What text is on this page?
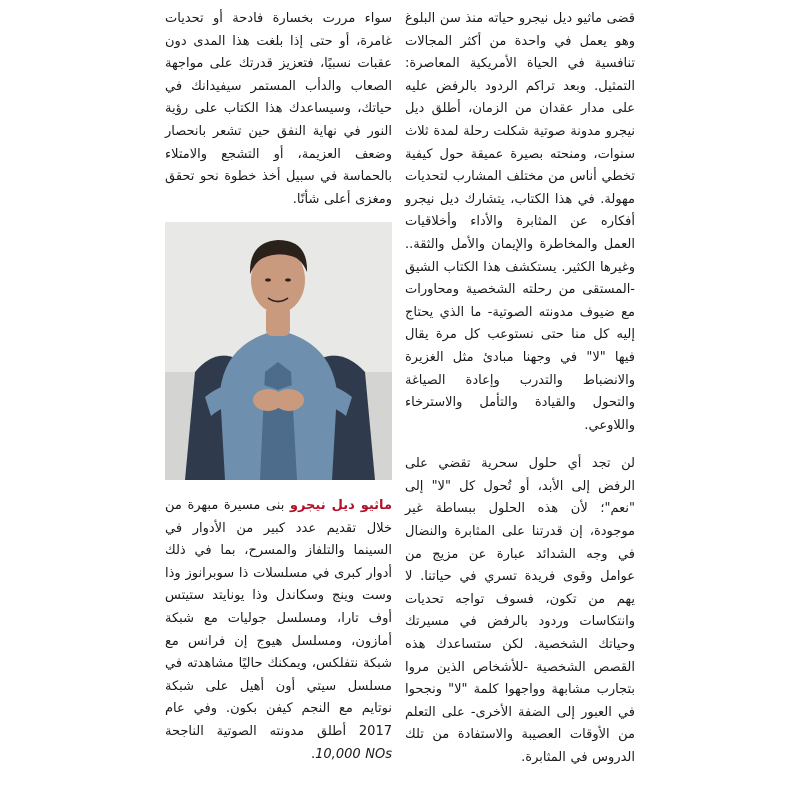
قضى ماثيو ديل نيجرو حياته منذ سن البلوغ وهو يعمل في واحدة من أكثر المجالات تنافسية في الحياة الأمريكية المعاصرة: التمثيل. وبعد تراكم الردود بالرفض عليه على مدار عقدان من الزمان، أطلق ديل نيجرو مدونة صوتية شكلت رحلة لمدة ثلاث سنوات، ومنحته بصيرة عميقة حول كيفية تخطي أناس من مختلف المشارب لتحديات مهولة. في هذا الكتاب، يتشارك ديل نيجرو أفكاره عن المثابرة والأداء وأخلاقيات العمل والمخاطرة والإيمان والأمل والثقة.. وغيرها الكثير. يستكشف هذا الكتاب الشيق -المستقى من رحلته الشخصية ومحاورات مع ضيوف مدونته الصوتية- ما الذي يحتاج إليه كل منا حتى نستوعب كل مرة يقال فيها "لا" في وجهنا مبادئ مثل الغزيرة والانضباط والتدرب وإعادة الصياغة والتحول والقيادة والتأمل والاسترخاء واللاوعي.

لن تجد أي حلول سحرية تقضي على الرفض إلى الأبد، أو تُحول كل "لا" إلى "نعم"؛ لأن هذه الحلول ببساطة غير موجودة، إن قدرتنا على المثابرة والنضال في وجه الشدائد عبارة عن مزيج من عوامل وقوى فريدة تسري في حياتنا. لا يهم من تكون، فسوف تواجه تحديات وانتكاسات وردود بالرفض في مسيرتك وحياتك الشخصية. لكن ستساعدك هذه القصص الشخصية -للأشخاص الذين مروا بتجارب مشابهة وواجهوا كلمة "لا" ونجحوا في العبور إلى الضفة الأخرى- على التعلم من الأوقات العصيبة والاستفادة من تلك الدروس في المثابرة.

سواء مررت بخسارة فادحة أو تحديات غامرة، أو حتى إذا بلغت هذا المدى دون عقبات نسبيًا، فتعزيز قدرتك على مواجهة الصعاب والدأب المستمر سيفيدانك في حياتك، وسيساعدك هذا الكتاب على رؤية النور في نهاية النفق حين تشعر بانحصار وضعف العزيمة، أو التشجع والامتلاء بالحماسة في سبيل أخذ خطوة نحو تحقق ومغزى أعلى شأنًا.

ماثيو ديل نيجرو بنى مسيرة مبهرة من خلال تقديم عدد كبير من الأدوار في السينما والتلفاز والمسرح، بما في ذلك أدوار كبرى في مسلسلات ذا سوبرانوز وذا وست وينج وسكاندل وذا يونايتد ستيتس أوف تارا، ومسلسل جوليات مع شبكة أمازون، ومسلسل هيوج إن فرانس مع شبكة نتفلكس، ويمكنك حاليًا مشاهدته في مسلسل سيتي أون أهيل على شبكة نوتايم مع النجم كيفن بكون. وفي عام 2017 أطلق مدونته الصوتية الناجحة 10,000 NOs.
